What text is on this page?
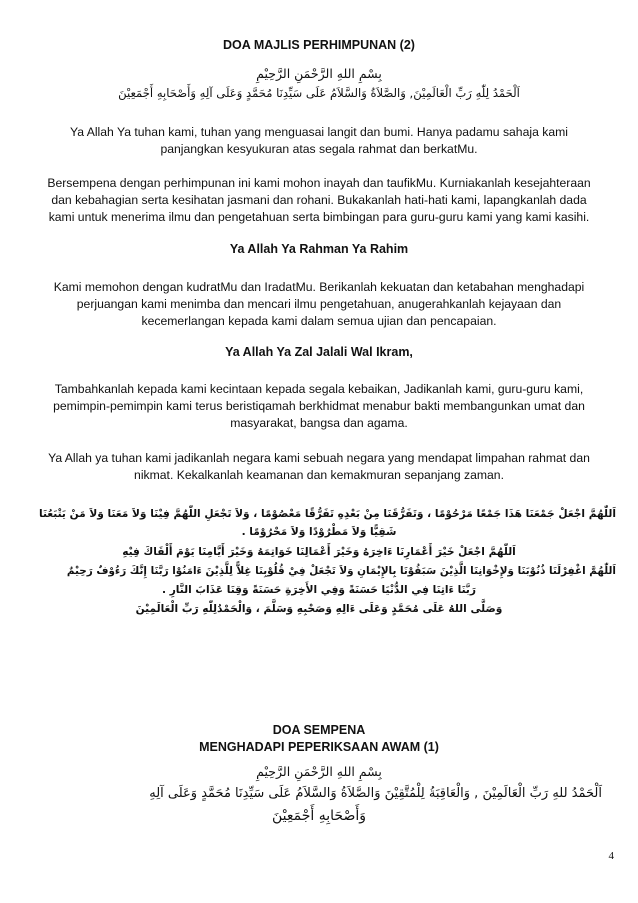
DOA MAJLIS PERHIMPUNAN (2)
بِسْمِ اللهِ الرَّحْمَنِ الرَّحِيْمِ
اَلْحَمْدُ لِلّٰهِ رَبِّ الْعَالَمِيْنَ, وَالصَّلاَةُ وَالسَّلاَمُ عَلَى سَيِّدِنَا مُحَمَّدٍ وَعَلَى آلِهِ وَأَصْحَابِهِ أَجْمَعِيْنَ
Ya Allah Ya tuhan kami, tuhan yang menguasai langit dan bumi. Hanya padamu sahaja kami
panjangkan kesyukuran atas segala rahmat dan berkatMu.
Bersempena dengan perhimpunan ini kami mohon inayah dan taufikMu. Kurniakanlah kesejahteraan
dan kebahagian serta kesihatan jasmani dan rohani. Bukakanlah hati-hati kami, lapangkanlah dada
kami untuk menerima ilmu dan pengetahuan serta bimbingan para guru-guru kami yang kami kasihi.
Ya Allah Ya Rahman Ya Rahim
Kami memohon dengan kudratMu dan IradatMu. Berikanlah kekuatan dan ketabahan menghadapi
perjuangan kami menimba dan mencari ilmu pengetahuan, anugerahkanlah kejayaan dan
kecemerlangan kepada kami dalam semua ujian dan pencapaian.
Ya Allah Ya Zal Jalali Wal Ikram,
Tambahkanlah kepada kami kecintaan kepada segala kebaikan, Jadikanlah kami, guru-guru kami,
pemimpin-pemimpin kami terus beristiqamah berkhidmat menabur bakti membangunkan umat dan
masyarakat, bangsa dan agama.
Ya Allah ya tuhan kami jadikanlah negara kami sebuah negara yang mendapat limpahan rahmat dan
nikmat. Kekalkanlah keamanan dan kemakmuran sepanjang zaman.
اَللّٰهُمَّ اجْعَلْ جَمْعَنَا هَذَا جَمْعًا مَرْحُوْمًا ، وَتَفَرُّقَنَا مِنْ بَعْدِهِ تَفَرُّقًا مَعْصُوْمًا ، وَلاَ تَجْعَلِ اللّٰهُمَّ فِيْنَا وَلاَ مَعَنَا وَلاَ مَنْ يَتْبَعُنَا
شَقِيًّا وَلاَ مَطْرُوْدًا وَلاَ مَحْرُوْمًا .
اَللّٰهُمَّ اجْعَلْ خَيْرَ أَعْمَارِنَا ءَاخِرَهُ وَخَيْرَ أَعْمَالِنَا خَوَاتِمَهُ وَخَيْرَ أَيَّامِنَا يَوْمَ أَلْقَاكَ فِيْهِ
اَللّٰهُمَّ اغْفِرْلَنَا ذُنُوْبَنَا وَلإِخْوَانِنَا الَّذِيْنَ سَبَقُوْنَا بِالإِيْمَانِ وَلاَ تَجْعَلْ فِيْ قُلُوْبِنَا غِلاًّ لِلَّذِيْنَ ءَامَنُوْا رَبَّنَا إِنَّكَ رَءُوْفٌ رَحِيْمٌ
رَبَّنَا ءَاتِنَا فِي الدُّنْيَا حَسَنَةً وَفِي الأَخِرَةِ حَسَنَةً وَقِنَا عَذَابَ النَّارِ .
وَصَلَّى اللهُ عَلَى مُحَمَّدٍ وَعَلَى ءَالِهِ وَصَحْبِهِ وَسَلَّمَ ، وَالْحَمْدُلِلّٰهِ رَبِّ الْعَالَمِيْنَ
DOA SEMPENA
MENGHADAPI PEPERIKSAAN AWAM (1)
بِسْمِ اللهِ الرَّحْمَنِ الرَّحِيْمِ
اَلْحَمْدُ للهِ رَبِّ الْعَالَمِيْنَ , وَالْعَاقِبَةُ لِلْمُتَّقِيْنَ وَالصَّلاَةُ وَالسَّلاَمُ عَلَى سَيِّدِنَا مُحَمَّدٍ وَعَلَى آلِهِ
وَأَصْحَابِهِ أَجْمَعِيْنَ
4
